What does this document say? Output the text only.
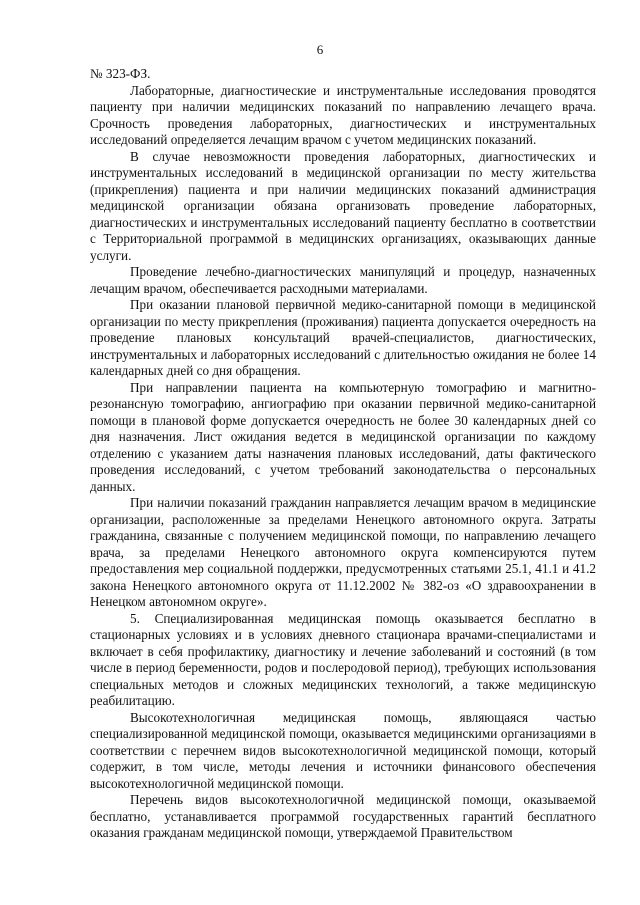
6

№ 323-ФЗ.

Лабораторные, диагностические и инструментальные исследования проводятся пациенту при наличии медицинских показаний по направлению лечащего врача. Срочность проведения лабораторных, диагностических и инструментальных исследований определяется лечащим врачом с учетом медицинских показаний.

В случае невозможности проведения лабораторных, диагностических и инструментальных исследований в медицинской организации по месту жительства (прикрепления) пациента и при наличии медицинских показаний администрация медицинской организации обязана организовать проведение лабораторных, диагностических и инструментальных исследований пациенту бесплатно в соответствии с Территориальной программой в медицинских организациях, оказывающих данные услуги.

Проведение лечебно-диагностических манипуляций и процедур, назначенных лечащим врачом, обеспечивается расходными материалами.

При оказании плановой первичной медико-санитарной помощи в медицинской организации по месту прикрепления (проживания) пациента допускается очередность на проведение плановых консультаций врачей-специалистов, диагностических, инструментальных и лабораторных исследований с длительностью ожидания не более 14 календарных дней со дня обращения.

При направлении пациента на компьютерную томографию и магнитно-резонансную томографию, ангиографию при оказании первичной медико-санитарной помощи в плановой форме допускается очередность не более 30 календарных дней со дня назначения. Лист ожидания ведется в медицинской организации по каждому отделению с указанием даты назначения плановых исследований, даты фактического проведения исследований, с учетом требований законодательства о персональных данных.

При наличии показаний гражданин направляется лечащим врачом в медицинские организации, расположенные за пределами Ненецкого автономного округа. Затраты гражданина, связанные с получением медицинской помощи, по направлению лечащего врача, за пределами Ненецкого автономного округа компенсируются путем предоставления мер социальной поддержки, предусмотренных статьями 25.1, 41.1 и 41.2 закона Ненецкого автономного округа от 11.12.2002 № 382-оз «О здравоохранении в Ненецком автономном округе».

5. Специализированная медицинская помощь оказывается бесплатно в стационарных условиях и в условиях дневного стационара врачами-специалистами и включает в себя профилактику, диагностику и лечение заболеваний и состояний (в том числе в период беременности, родов и послеродовой период), требующих использования специальных методов и сложных медицинских технологий, а также медицинскую реабилитацию.

Высокотехнологичная медицинская помощь, являющаяся частью специализированной медицинской помощи, оказывается медицинскими организациями в соответствии с перечнем видов высокотехнологичной медицинской помощи, который содержит, в том числе, методы лечения и источники финансового обеспечения высокотехнологичной медицинской помощи.

Перечень видов высокотехнологичной медицинской помощи, оказываемой бесплатно, устанавливается программой государственных гарантий бесплатного оказания гражданам медицинской помощи, утверждаемой Правительством
